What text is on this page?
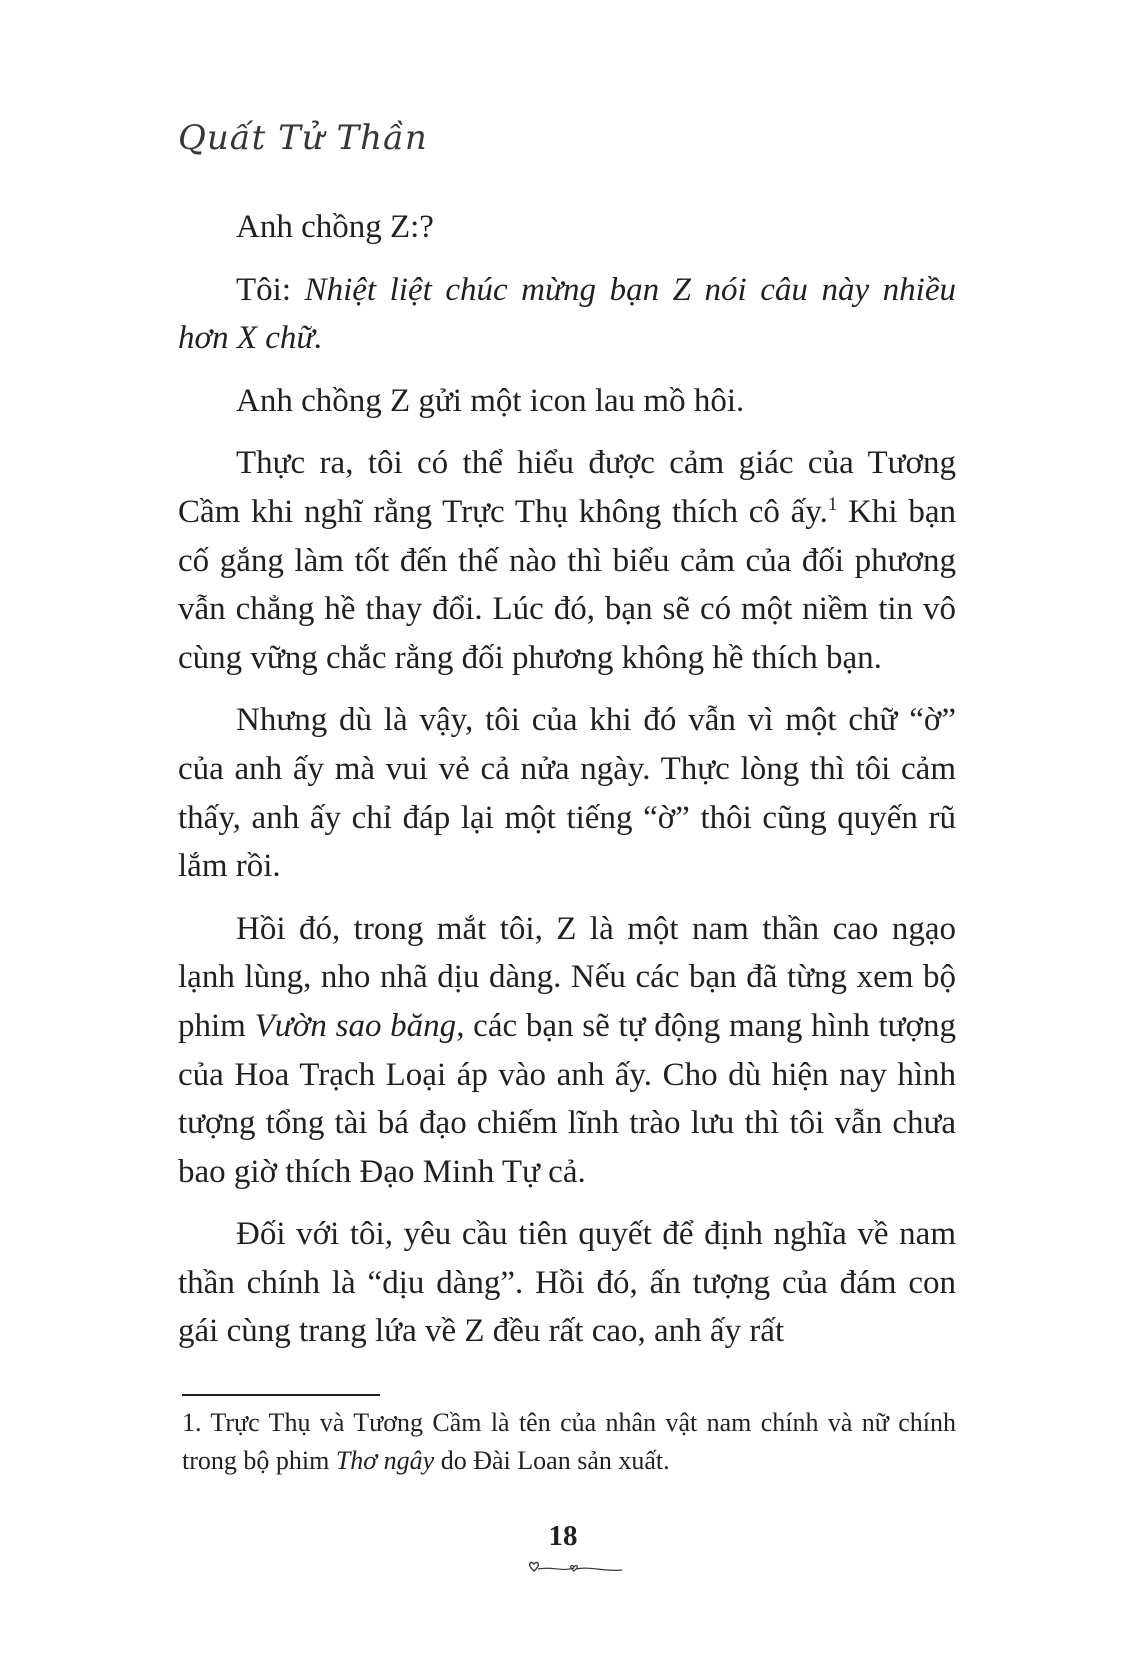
Quất Tử Thần

Anh chồng Z:?

Tôi: Nhiệt liệt chúc mừng bạn Z nói câu này nhiều hơn X chữ.

Anh chồng Z gửi một icon lau mồ hôi.

Thực ra, tôi có thể hiểu được cảm giác của Tương Cầm khi nghĩ rằng Trực Thụ không thích cô ấy.$^1$ Khi bạn cố gắng làm tốt đến thế nào thì biểu cảm của đối phương vẫn chẳng hề thay đổi. Lúc đó, bạn sẽ có một niềm tin vô cùng vững chắc rằng đối phương không hề thích bạn.

Nhưng dù là vậy, tôi của khi đó vẫn vì một chữ “ờ” của anh ấy mà vui vẻ cả nửa ngày. Thực lòng thì tôi cảm thấy, anh ấy chỉ đáp lại một tiếng “ờ” thôi cũng quyến rũ lắm rồi.

Hồi đó, trong mắt tôi, Z là một nam thần cao ngạo lạnh lùng, nho nhã dịu dàng. Nếu các bạn đã từng xem bộ phim Vườn sao băng, các bạn sẽ tự động mang hình tượng của Hoa Trạch Loại áp vào anh ấy. Cho dù hiện nay hình tượng tổng tài bá đạo chiếm lĩnh trào lưu thì tôi vẫn chưa bao giờ thích Đạo Minh Tự cả.

Đối với tôi, yêu cầu tiên quyết để định nghĩa về nam thần chính là “dịu dàng”. Hồi đó, ấn tượng của đám con gái cùng trang lứa về Z đều rất cao, anh ấy rất

1. Trực Thụ và Tương Cầm là tên của nhân vật nam chính và nữ chính trong bộ phim Thơ ngây do Đài Loan sản xuất.

18
